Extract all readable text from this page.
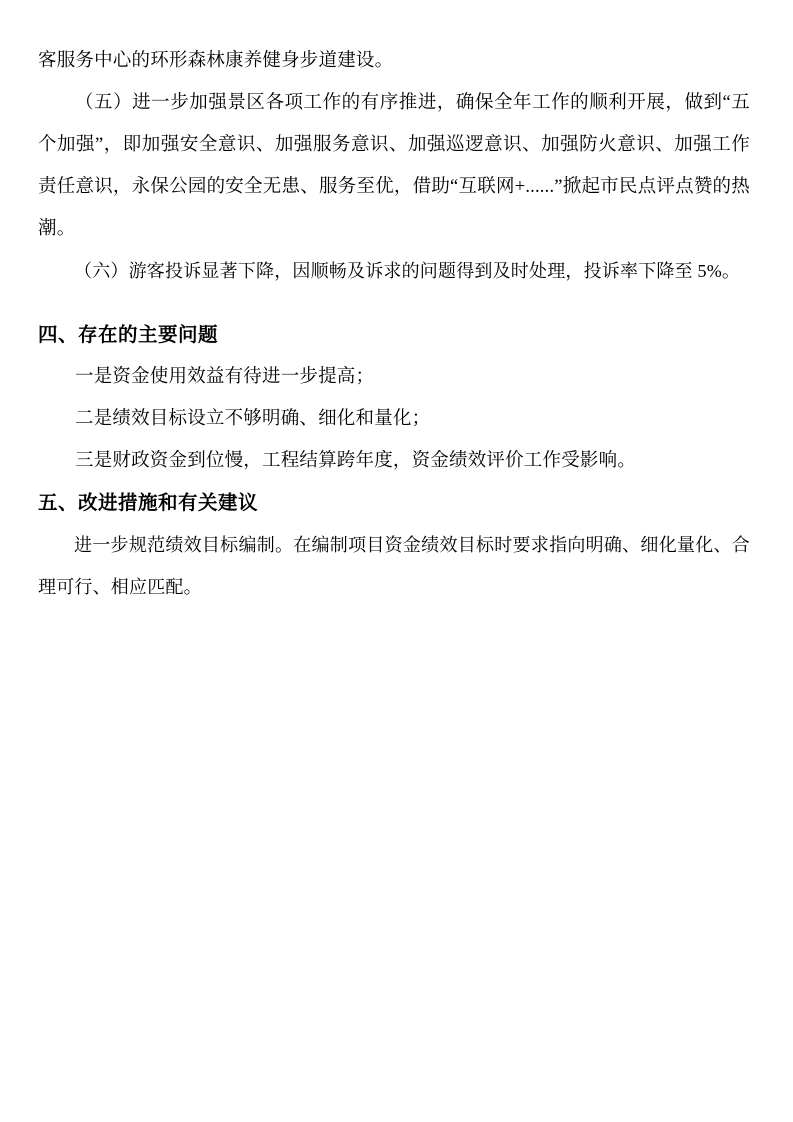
客服务中心的环形森林康养健身步道建设。

（五）进一步加强景区各项工作的有序推进，确保全年工作的顺利开展，做到“五个加强”，即加强安全意识、加强服务意识、加强巡逻意识、加强防火意识、加强工作责任意识，永保公园的安全无患、服务至优，借助“互联网+......”掀起市民点评点赞的热潮。

（六）游客投诉显著下降，因顺畅及诉求的问题得到及时处理，投诉率下降至 5%。

四、存在的主要问题

一是资金使用效益有待进一步提高；

二是绩效目标设立不够明确、细化和量化；

三是财政资金到位慢，工程结算跨年度，资金绩效评价工作受影响。

五、改进措施和有关建议

进一步规范绩效目标编制。在编制项目资金绩效目标时要求指向明确、细化量化、合理可行、相应匹配。
